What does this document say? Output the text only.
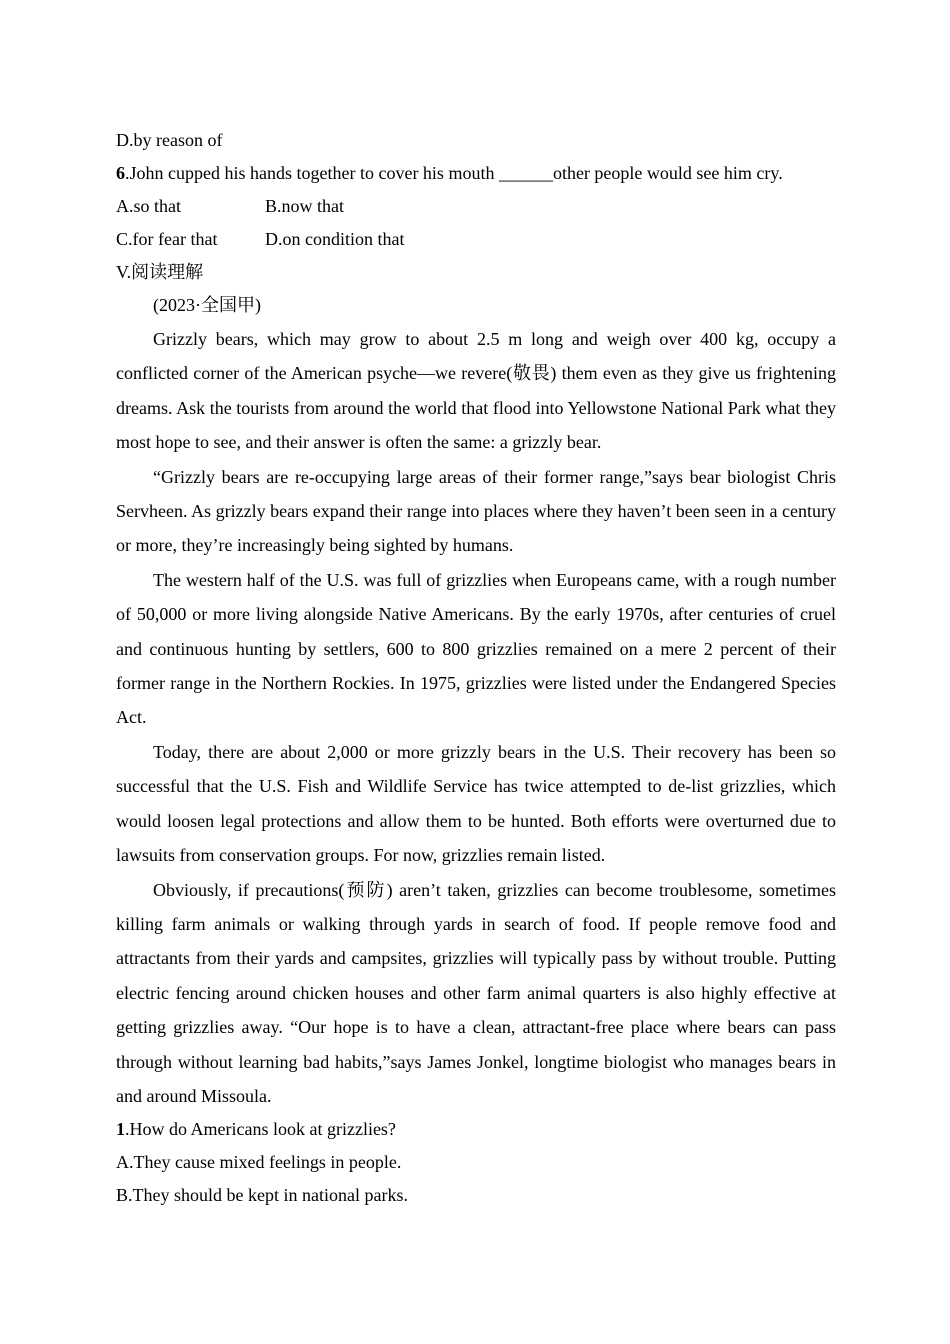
D.by reason of
6.John cupped his hands together to cover his mouth ______other people would see him cry.
A.so that	B.now that
C.for fear that	D.on condition that
V.阅读理解

(2023·全国甲)

Grizzly bears, which may grow to about 2.5 m long and weigh over 400 kg, occupy a conflicted corner of the American psyche—we revere(敬畏) them even as they give us frightening dreams. Ask the tourists from around the world that flood into Yellowstone National Park what they most hope to see, and their answer is often the same: a grizzly bear.

“Grizzly bears are re-occupying large areas of their former range,”says bear biologist Chris Servheen. As grizzly bears expand their range into places where they haven’t been seen in a century or more, they’re increasingly being sighted by humans.

The western half of the U.S. was full of grizzlies when Europeans came, with a rough number of 50,000 or more living alongside Native Americans. By the early 1970s, after centuries of cruel and continuous hunting by settlers, 600 to 800 grizzlies remained on a mere 2 percent of their former range in the Northern Rockies. In 1975, grizzlies were listed under the Endangered Species Act.

Today, there are about 2,000 or more grizzly bears in the U.S. Their recovery has been so successful that the U.S. Fish and Wildlife Service has twice attempted to de-list grizzlies, which would loosen legal protections and allow them to be hunted. Both efforts were overturned due to lawsuits from conservation groups. For now, grizzlies remain listed.

Obviously, if precautions(预防) aren’t taken, grizzlies can become troublesome, sometimes killing farm animals or walking through yards in search of food. If people remove food and attractants from their yards and campsites, grizzlies will typically pass by without trouble. Putting electric fencing around chicken houses and other farm animal quarters is also highly effective at getting grizzlies away. “Our hope is to have a clean, attractant-free place where bears can pass through without learning bad habits,”says James Jonkel, longtime biologist who manages bears in and around Missoula.

1.How do Americans look at grizzlies?
A.They cause mixed feelings in people.
B.They should be kept in national parks.
